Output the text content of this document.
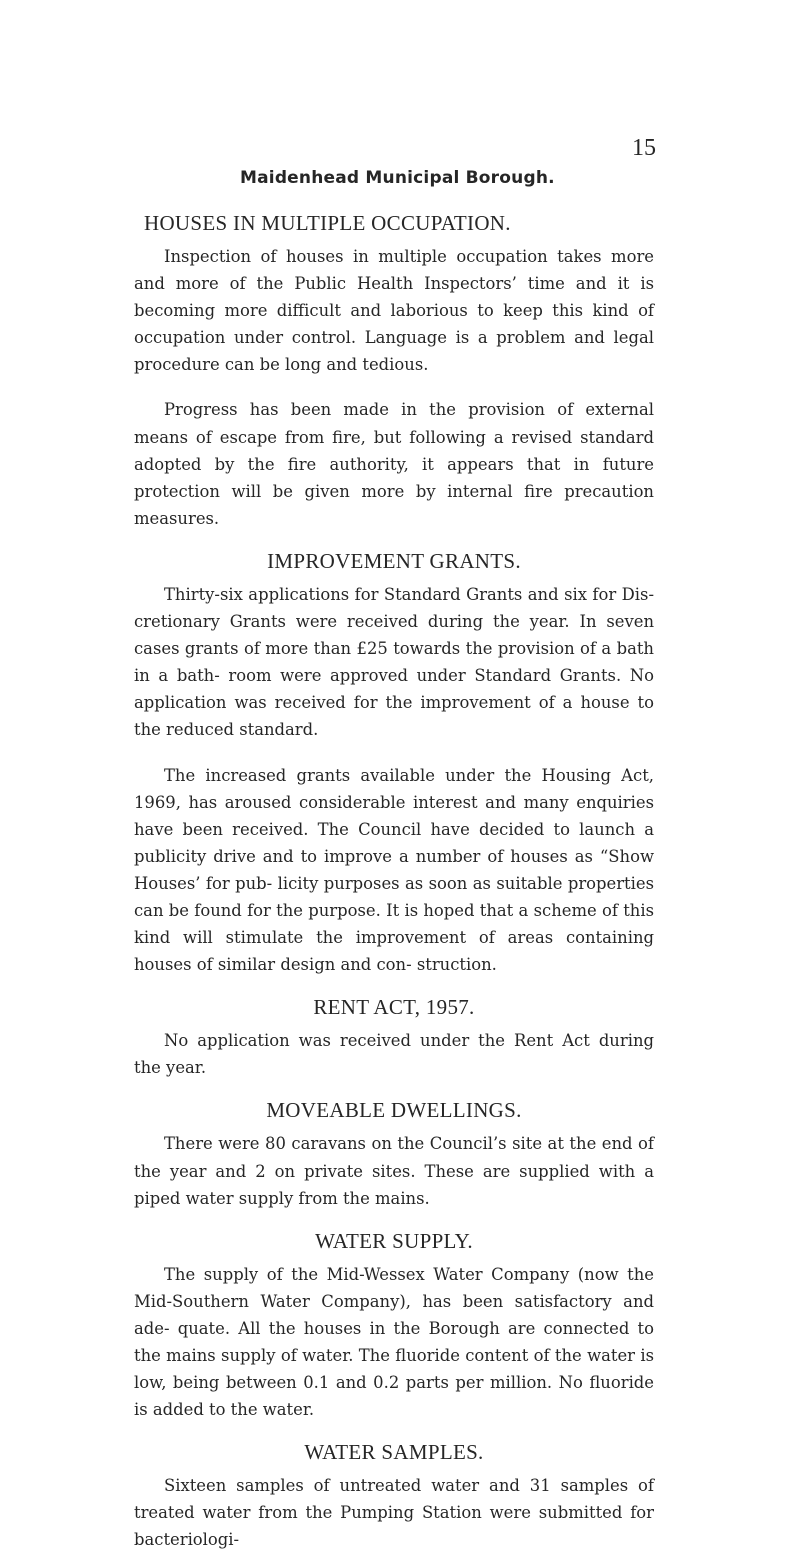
15
Maidenhead Municipal Borough.
HOUSES IN MULTIPLE OCCUPATION.

Inspection of houses in multiple occupation takes more and more of the Public Health Inspectors’ time and it is becoming more difficult and laborious to keep this kind of occupation under control. Language is a problem and legal procedure can be long and tedious.

Progress has been made in the provision of external means of escape from fire, but following a revised standard adopted by the fire authority, it appears that in future protection will be given more by internal fire precaution measures.

IMPROVEMENT GRANTS.

Thirty-six applications for Standard Grants and six for Dis- cretionary Grants were received during the year. In seven cases grants of more than £25 towards the provision of a bath in a bath- room were approved under Standard Grants. No application was received for the improvement of a house to the reduced standard.

The increased grants available under the Housing Act, 1969, has aroused considerable interest and many enquiries have been received. The Council have decided to launch a publicity drive and to improve a number of houses as “Show Houses’ for pub- licity purposes as soon as suitable properties can be found for the purpose. It is hoped that a scheme of this kind will stimulate the improvement of areas containing houses of similar design and con- struction.

RENT ACT, 1957.

No application was received under the Rent Act during the year.

MOVEABLE DWELLINGS.

There were 80 caravans on the Council’s site at the end of the year and 2 on private sites. These are supplied with a piped water supply from the mains.

WATER SUPPLY.

The supply of the Mid-Wessex Water Company (now the Mid-Southern Water Company), has been satisfactory and ade- quate. All the houses in the Borough are connected to the mains supply of water. The fluoride content of the water is low, being between 0.1 and 0.2 parts per million. No fluoride is added to the water.

WATER SAMPLES.

Sixteen samples of untreated water and 31 samples of treated water from the Pumping Station were submitted for bacteriologi-
